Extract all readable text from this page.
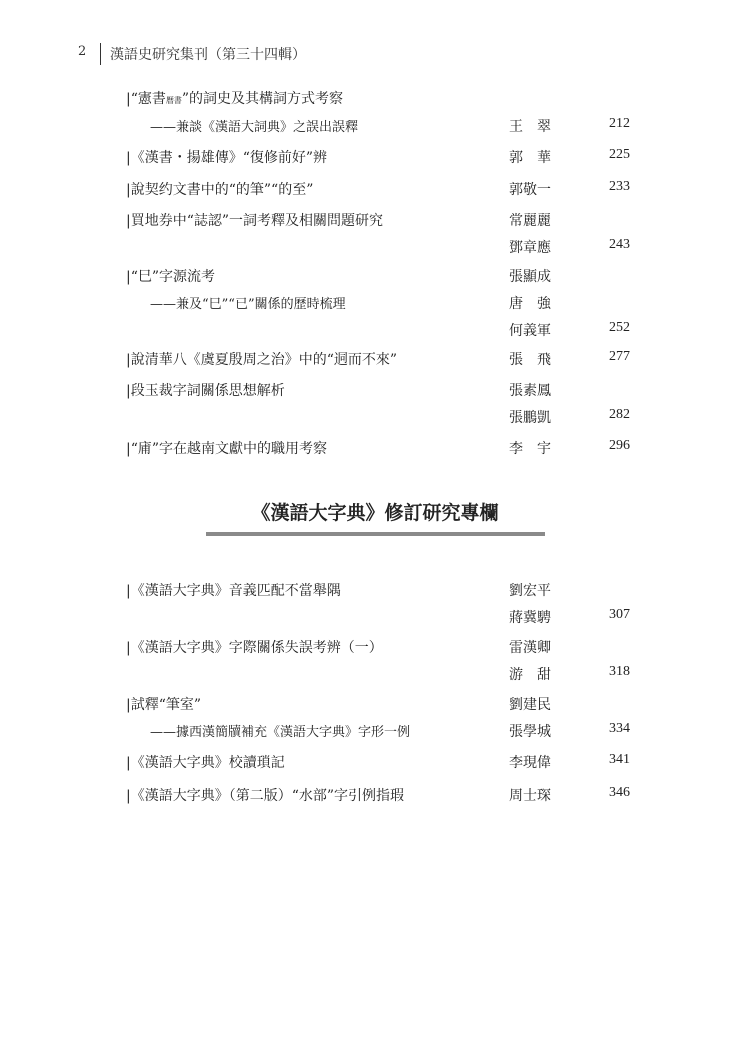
2 漢語史研究集刊（第三十四輯）
|“憲書曆書”的詞史及其構詞方式考察
——兼談《漢語大詞典》之誤出誤釋	王　翠	212
|《漢書・揚雄傳》“復修前好”辨	郭　華	225
|說契约文書中的“的筆”“的至”	郭敬一	233
|買地券中“誌認”一詞考釋及相關問題研究	常麗麗
鄧章應	243
|“巳”字源流考	張顯成
——兼及“巳”“已”關係的歷時梳理	唐　強
何義軍	252
|說清華八《虞夏殷周之治》中的“迵而不來”	張　飛	277
|段玉裁字詞關係思想解析	張素鳳
張鵬凱	282
|“庯”字在越南文獻中的職用考察	李　宇	296
《漢語大字典》修訂研究專欄
|《漢語大字典》音義匹配不當舉隅	劉宏平
蔣冀騁	307
|《漢語大字典》字際關係失誤考辨（一）	雷漢卿
游　甜	318
|試釋“筆室”	劉建民
——據西漢簡牘補充《漢語大字典》字形一例	張學城	334
|《漢語大字典》校讀瑣記	李現偉	341
|《漢語大字典》（第二版）“水部”字引例指瑕	周士琛	346
